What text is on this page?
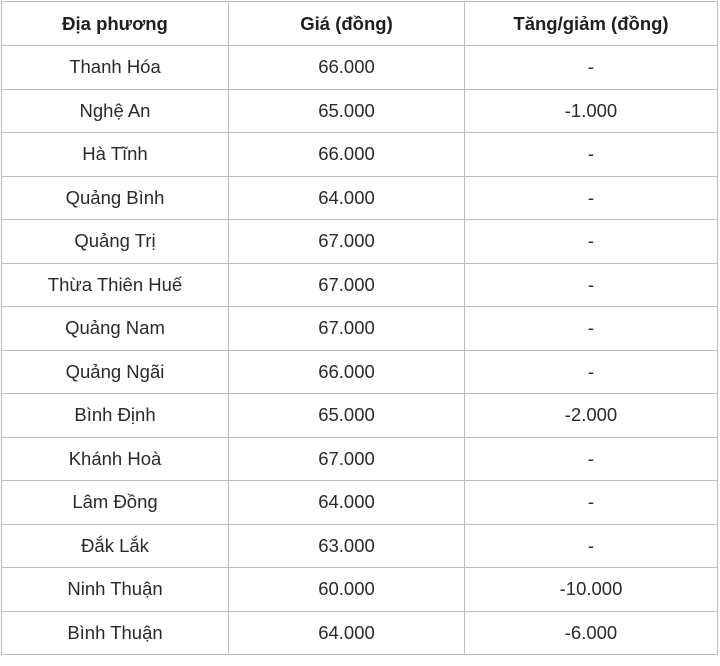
Địa phương	Giá (đồng)	Tăng/giảm (đồng)
Thanh Hóa	66.000	-
Nghệ An	65.000	-1.000
Hà Tĩnh	66.000	-
Quảng Bình	64.000	-
Quảng Trị	67.000	-
Thừa Thiên Huế	67.000	-
Quảng Nam	67.000	-
Quảng Ngãi	66.000	-
Bình Định	65.000	-2.000
Khánh Hoà	67.000	-
Lâm Đồng	64.000	-
Đắk Lắk	63.000	-
Ninh Thuận	60.000	-10.000
Bình Thuận	64.000	-6.000
